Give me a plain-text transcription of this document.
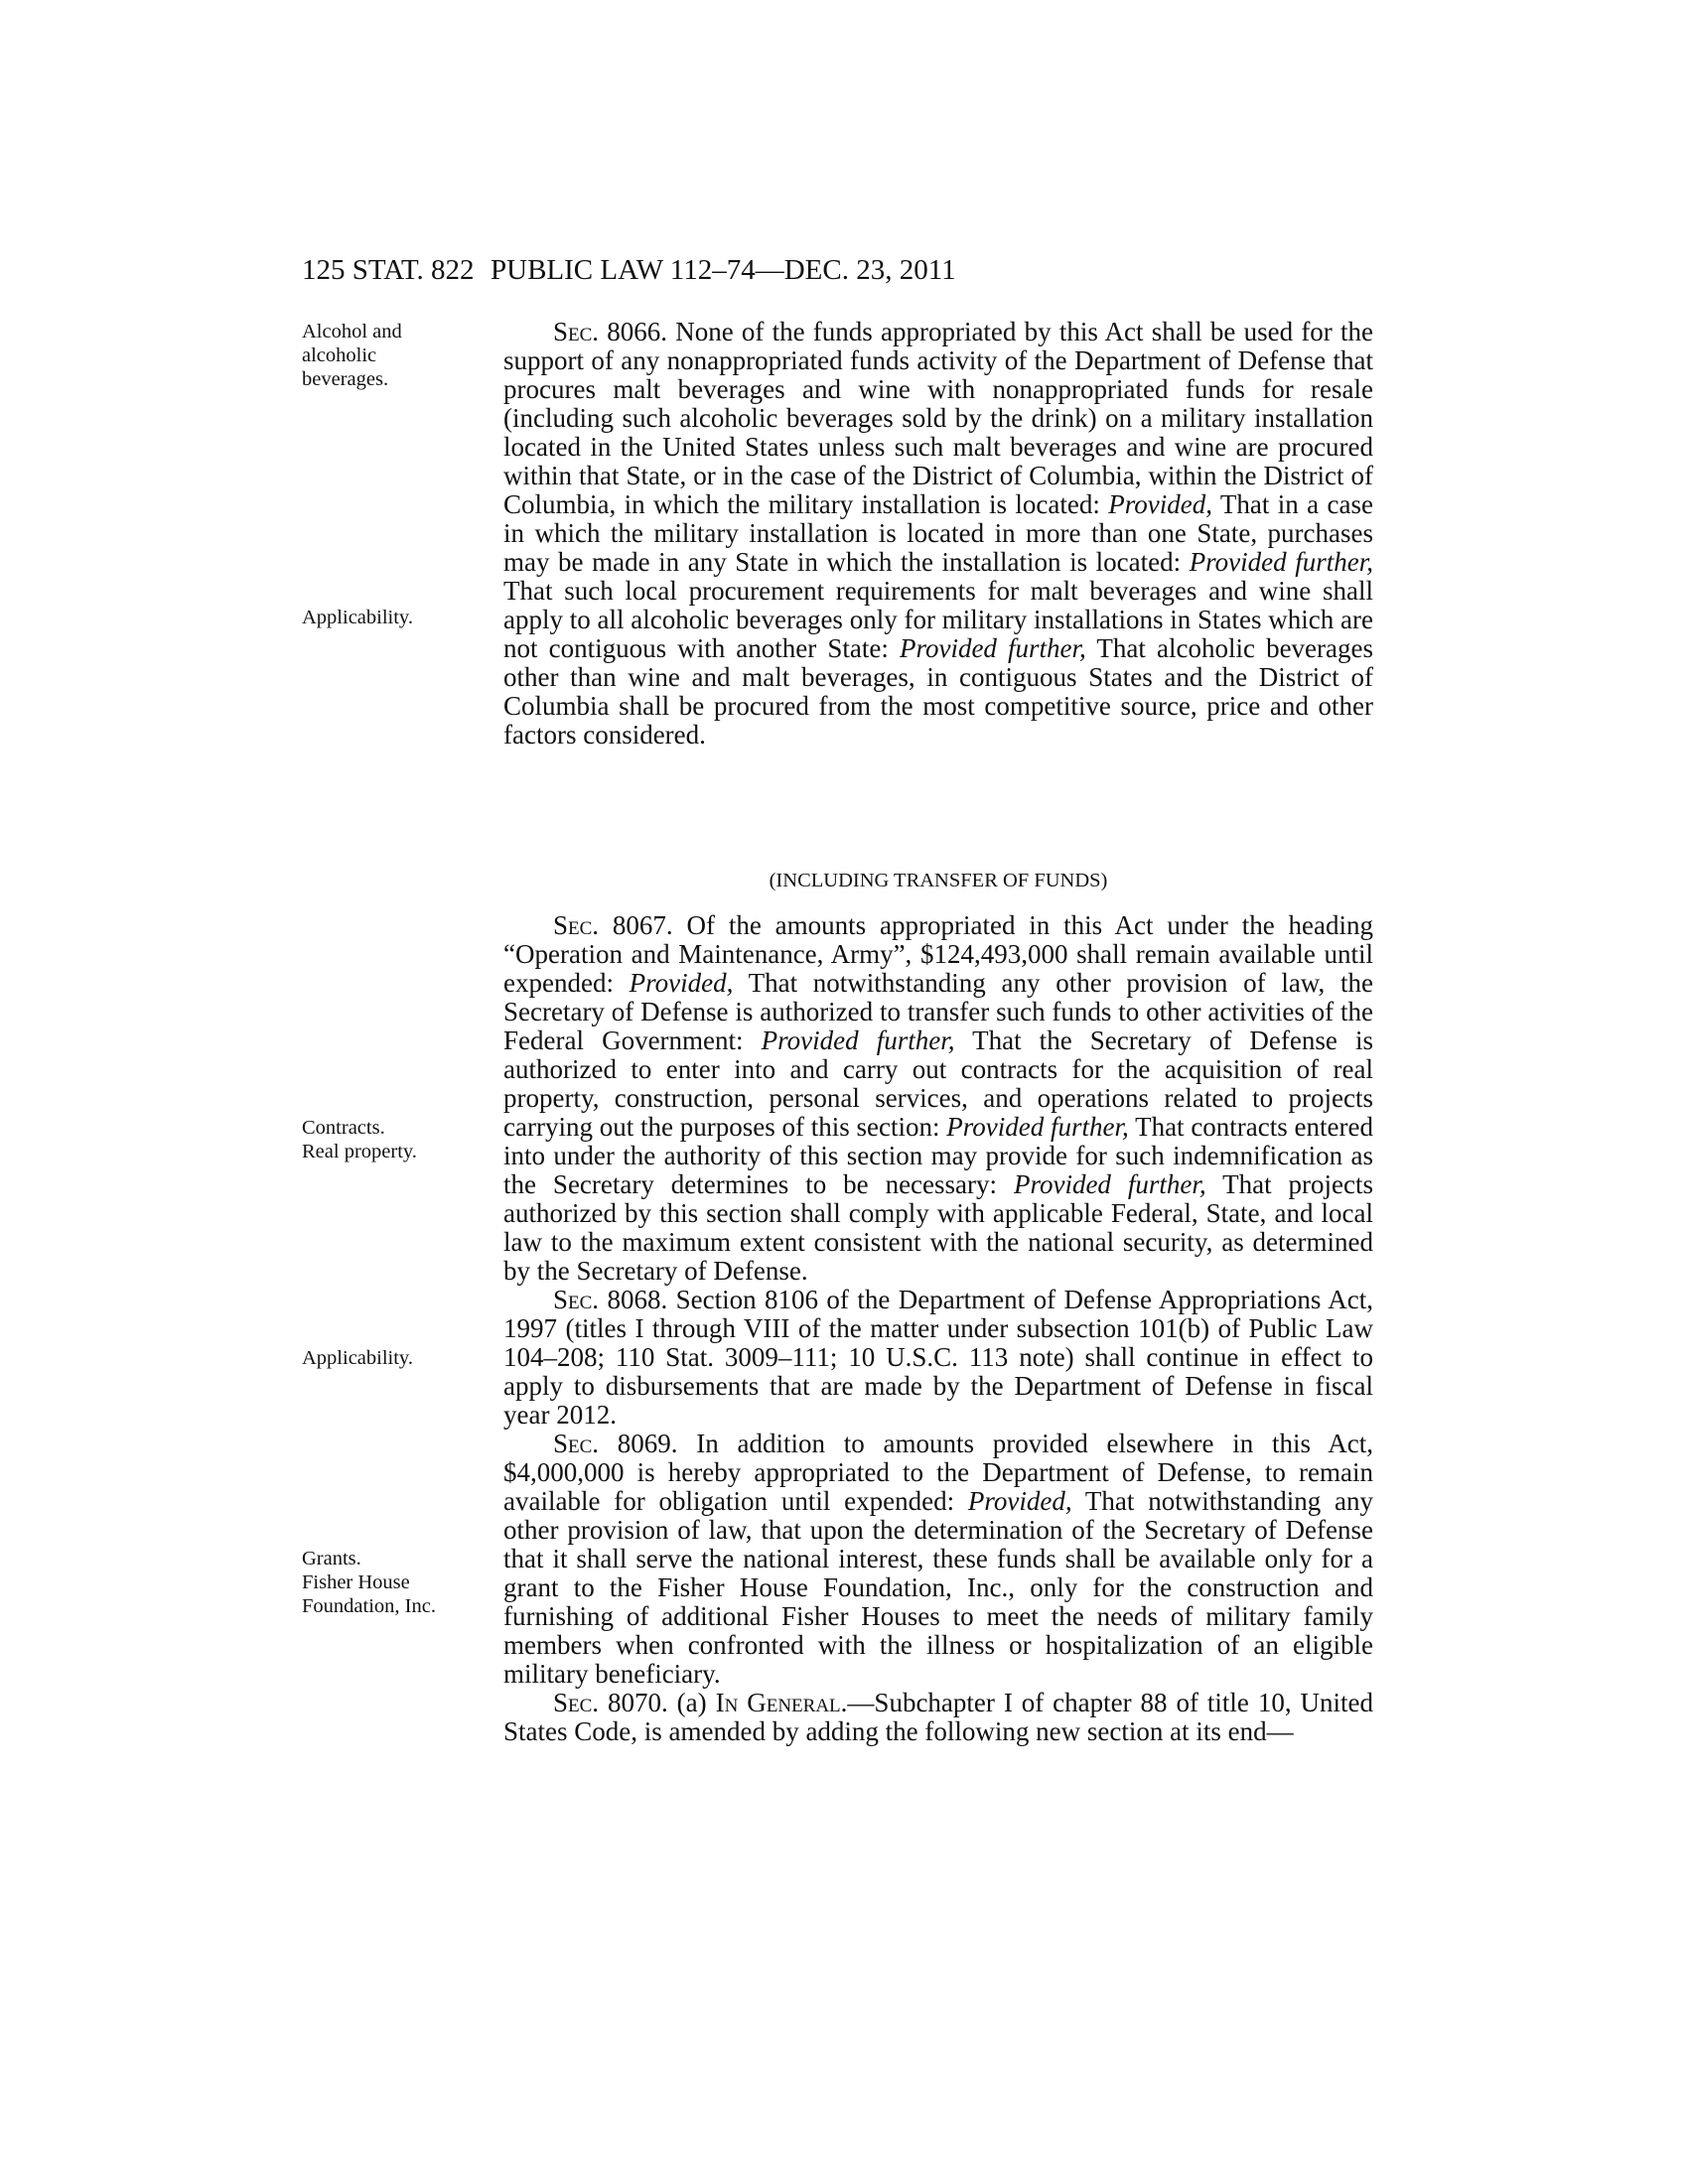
125 STAT. 822 PUBLIC LAW 112–74—DEC. 23, 2011
Alcohol and
alcoholic
beverages.
Applicability.
Contracts.
Real property.
Applicability.
Grants.
Fisher House
Foundation, Inc.

Sec. 8066. None of the funds appropriated by this Act shall be used for the support of any nonappropriated funds activity of the Department of Defense that procures malt beverages and wine with nonappropriated funds for resale (including such alcoholic beverages sold by the drink) on a military installation located in the United States unless such malt beverages and wine are procured within that State, or in the case of the District of Columbia, within the District of Columbia, in which the military installation is located: Provided, That in a case in which the military installation is located in more than one State, purchases may be made in any State in which the installation is located: Provided further, That such local procurement requirements for malt beverages and wine shall apply to all alcoholic beverages only for military installations in States which are not contiguous with another State: Provided further, That alcoholic beverages other than wine and malt beverages, in contiguous States and the District of Columbia shall be procured from the most competitive source, price and other factors considered.

(INCLUDING TRANSFER OF FUNDS)

Sec. 8067. Of the amounts appropriated in this Act under the heading “Operation and Maintenance, Army”, $124,493,000 shall remain available until expended: Provided, That notwithstanding any other provision of law, the Secretary of Defense is authorized to transfer such funds to other activities of the Federal Government: Provided further, That the Secretary of Defense is authorized to enter into and carry out contracts for the acquisition of real property, construction, personal services, and operations related to projects carrying out the purposes of this section: Provided further, That contracts entered into under the authority of this section may provide for such indemnification as the Secretary determines to be necessary: Provided further, That projects authorized by this section shall comply with applicable Federal, State, and local law to the maximum extent consistent with the national security, as determined by the Secretary of Defense.

Sec. 8068. Section 8106 of the Department of Defense Appropriations Act, 1997 (titles I through VIII of the matter under subsection 101(b) of Public Law 104–208; 110 Stat. 3009–111; 10 U.S.C. 113 note) shall continue in effect to apply to disbursements that are made by the Department of Defense in fiscal year 2012.

Sec. 8069. In addition to amounts provided elsewhere in this Act, $4,000,000 is hereby appropriated to the Department of Defense, to remain available for obligation until expended: Provided, That notwithstanding any other provision of law, that upon the determination of the Secretary of Defense that it shall serve the national interest, these funds shall be available only for a grant to the Fisher House Foundation, Inc., only for the construction and furnishing of additional Fisher Houses to meet the needs of military family members when confronted with the illness or hospitalization of an eligible military beneficiary.

Sec. 8070. (a) In General.—Subchapter I of chapter 88 of title 10, United States Code, is amended by adding the following new section at its end—
